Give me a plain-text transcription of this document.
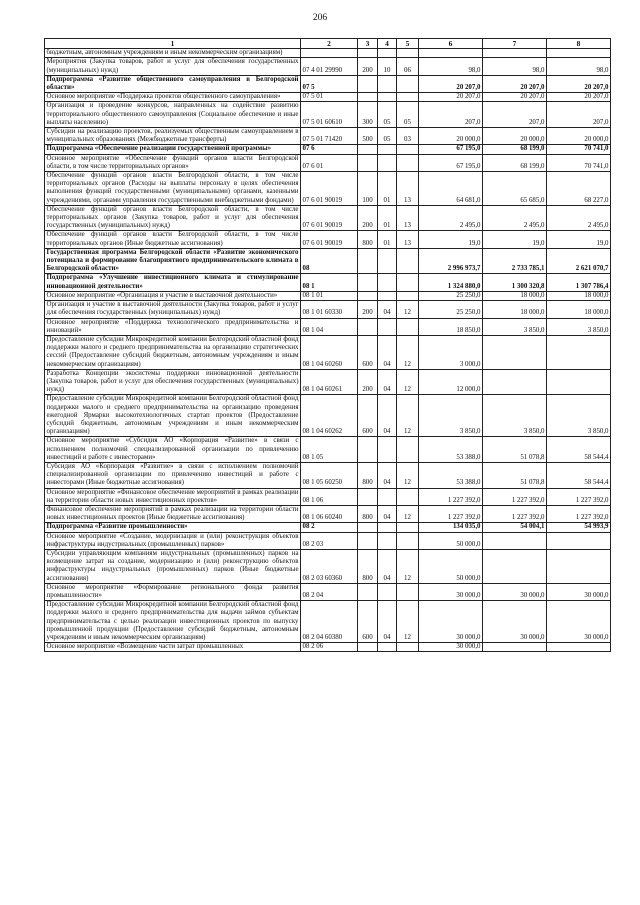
206
1	2	3	4	5	6	7	8
бюджетным, автономным учреждениям и иным некоммерческим организациям)							
Мероприятия (Закупка товаров, работ и услуг для обеспечения государственных (муниципальных) нужд)	07 4 01 29990	200	10	06	98,0	98,0	98,0
Подпрограмма «Развитие общественного самоуправления в Белгородской области»	07 5				20 207,0	20 207,0	20 207,0
Основное мероприятие «Поддержка проектов общественного самоуправления»	07 5 01				20 207,0	20 207,0	20 207,0
Организация и проведение конкурсов, направленных на содействие развитию территориального общественного самоуправления (Социальное обеспечение и иные выплаты населению)	07 5 01 60610	300	05	05	207,0	207,0	207,0
Субсидии на реализацию проектов, реализуемых общественным самоуправлением в муниципальных образованиях (Межбюджетные трансферты)	07 5 01 71420	500	05	03	20 000,0	20 000,0	20 000,0
Подпрограмма «Обеспечение реализации государственной программы»	07 6				67 195,0	68 199,0	70 741,0
Основное мероприятие «Обеспечение функций органов власти Белгородской области, в том числе территориальных органов»	07 6 01				67 195,0	68 199,0	70 741,0
Обеспечение функций органов власти Белгородской области, в том числе территориальных органов (Расходы на выплаты персоналу в целях обеспечения выполнения функций государственными (муниципальными) органами, казенными учреждениями, органами управления государственными внебюджетными фондами)	07 6 01 90019	100	01	13	64 681,0	65 685,0	68 227,0
Обеспечение функций органов власти Белгородской области, в том числе территориальных органов (Закупка товаров, работ и услуг для обеспечения государственных (муниципальных) нужд)	07 6 01 90019	200	01	13	2 495,0	2 495,0	2 495,0
Обеспечение функций органов власти Белгородской области, в том числе территориальных органов (Иные бюджетные ассигнования)	07 6 01 90019	800	01	13	19,0	19,0	19,0
Государственная программа Белгородской области «Развитие экономического потенциала и формирование благоприятного предпринимательского климата в Белгородской области»	08				2 996 973,7	2 733 785,1	2 621 070,7
Подпрограмма «Улучшение инвестиционного климата и стимулирование инновационной деятельности»	08 1				1 324 880,0	1 300 320,8	1 307 786,4
Основное мероприятие «Организация и участие в выставочной деятельности»	08 1 01				25 250,0	18 000,0	18 000,0
Организация и участие в выставочной деятельности (Закупка товаров, работ и услуг для обеспечения государственных (муниципальных) нужд)	08 1 01 60330	200	04	12	25 250,0	18 000,0	18 000,0
Основное мероприятие «Поддержка технологического предпринимательства и инноваций»	08 1 04				18 850,0	3 850,0	3 850,0
Предоставление субсидии Микрокредитной компании Белгородский областной фонд поддержки малого и среднего предпринимательства на организацию стратегических сессий (Предоставление субсидий бюджетным, автономным учреждениям и иным некоммерческим организациям)	08 1 04 60260	600	04	12	3 000,0		
Разработка Концепции экосистемы поддержки инновационной деятельности (Закупка товаров, работ и услуг для обеспечения государственных (муниципальных) нужд)	08 1 04 60261	200	04	12	12 000,0		
Предоставление субсидии Микрокредитной компании Белгородский областной фонд поддержки малого и среднего предпринимательства на организацию проведения ежегодной Ярмарки высокотехнологичных стартап проектов (Предоставление субсидий бюджетным, автономным учреждениям и иным некоммерческим организациям)	08 1 04 60262	600	04	12	3 850,0	3 850,0	3 850,0
Основное мероприятие «Субсидия АО «Корпорация «Развитие» в связи с исполнением полномочий специализированной организации по привлечению инвестиций и работе с инвесторами»	08 1 05				53 388,0	51 078,8	58 544,4
Субсидия АО «Корпорация «Развитие» в связи с исполнением полномочий специализированной организации по привлечению инвестиций и работе с инвесторами (Иные бюджетные ассигнования)	08 1 05 60250	800	04	12	53 388,0	51 078,8	58 544,4
Основное мероприятие «Финансовое обеспечение мероприятий в рамках реализации на территории области новых инвестиционных проектов»	08 1 06				1 227 392,0	1 227 392,0	1 227 392,0
Финансовое обеспечение мероприятий в рамках реализации на территории области новых инвестиционных проектов (Иные бюджетные ассигнования)	08 1 06 60240	800	04	12	1 227 392,0	1 227 392,0	1 227 392,0
Подпрограмма «Развитие промышленности»	08 2				134 035,0	54 004,1	54 993,9
Основное мероприятие «Создание, модернизация и (или) реконструкция объектов инфраструктуры индустриальных (промышленных) парков»	08 2 03				50 000,0		
Субсидии управляющим компаниям индустриальных (промышленных) парков на возмещение затрат на создание, модернизацию и (или) реконструкцию объектов инфраструктуры индустриальных (промышленных) парков (Иные бюджетные ассигнования)	08 2 03 60360	800	04	12	50 000,0		
Основное мероприятие «Формирование регионального фонда развития промышленности»	08 2 04				30 000,0	30 000,0	30 000,0
Предоставление субсидии Микрокредитной компании Белгородский областной фонд поддержки малого и среднего предпринимательства для выдачи займов субъектам предпринимательства с целью реализации инвестиционных проектов по выпуску промышленной продукции (Предоставление субсидий бюджетным, автономным учреждениям и иным некоммерческим организациям)	08 2 04 60380	600	04	12	30 000,0	30 000,0	30 000,0
Основное мероприятие «Возмещение части затрат промышленных	08 2 06				30 000,0		
